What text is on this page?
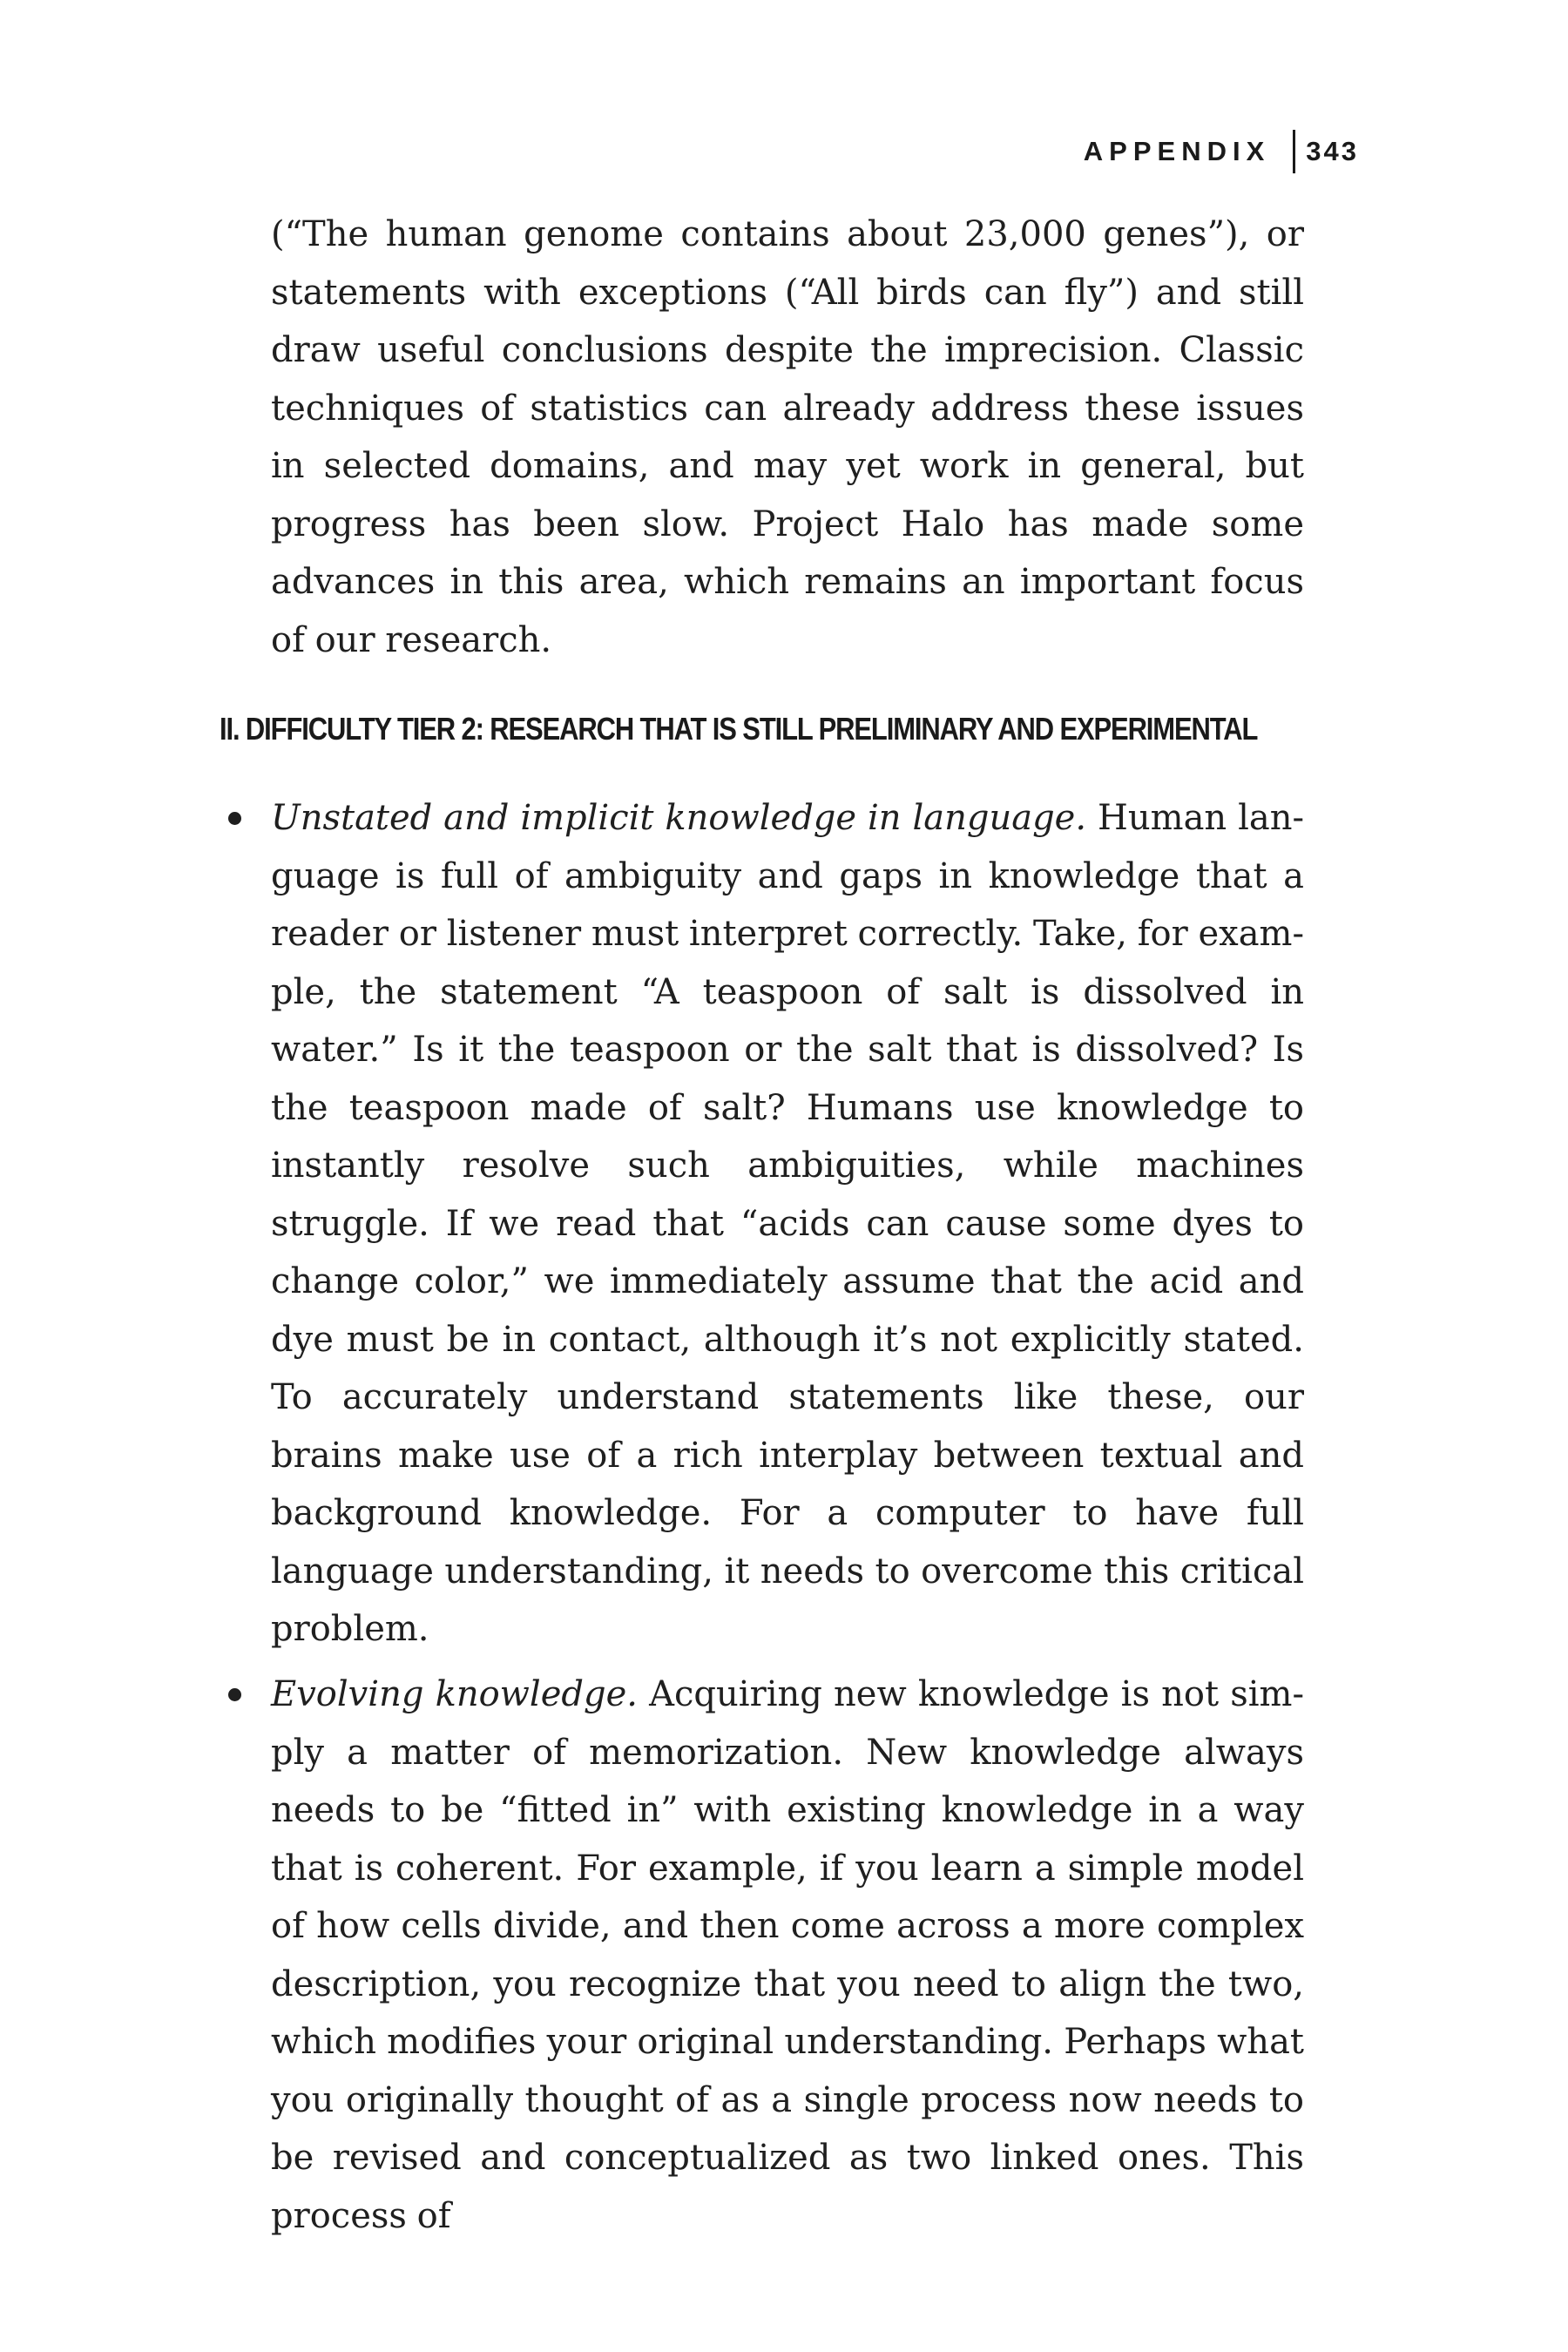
APPENDIX 343

(“The human genome contains about 23,000 genes”), or statements with exceptions (“All birds can fly”) and still draw useful conclusions despite the imprecision. Classic techniques of statistics can already address these issues in selected domains, and may yet work in general, but progress has been slow. Project Halo has made some advances in this area, which remains an important focus of our research.

II. DIFFICULTY TIER 2: RESEARCH THAT IS STILL PRELIMINARY AND EXPERIMENTAL
Unstated and implicit knowledge in language. Human language is full of ambiguity and gaps in knowledge that a reader or listener must interpret correctly. Take, for example, the statement “A teaspoon of salt is dissolved in water.” Is it the teaspoon or the salt that is dissolved? Is the teaspoon made of salt? Humans use knowledge to instantly resolve such ambiguities, while machines struggle. If we read that “acids can cause some dyes to change color,” we immediately assume that the acid and dye must be in contact, although it’s not explicitly stated. To accurately understand statements like these, our brains make use of a rich interplay between textual and background knowledge. For a computer to have full language understanding, it needs to overcome this critical problem.
Evolving knowledge. Acquiring new knowledge is not simply a matter of memorization. New knowledge always needs to be “fitted in” with existing knowledge in a way that is coherent. For example, if you learn a simple model of how cells divide, and then come across a more complex description, you recognize that you need to align the two, which modifies your original understanding. Perhaps what you originally thought of as a single process now needs to be revised and conceptualized as two linked ones. This process of
